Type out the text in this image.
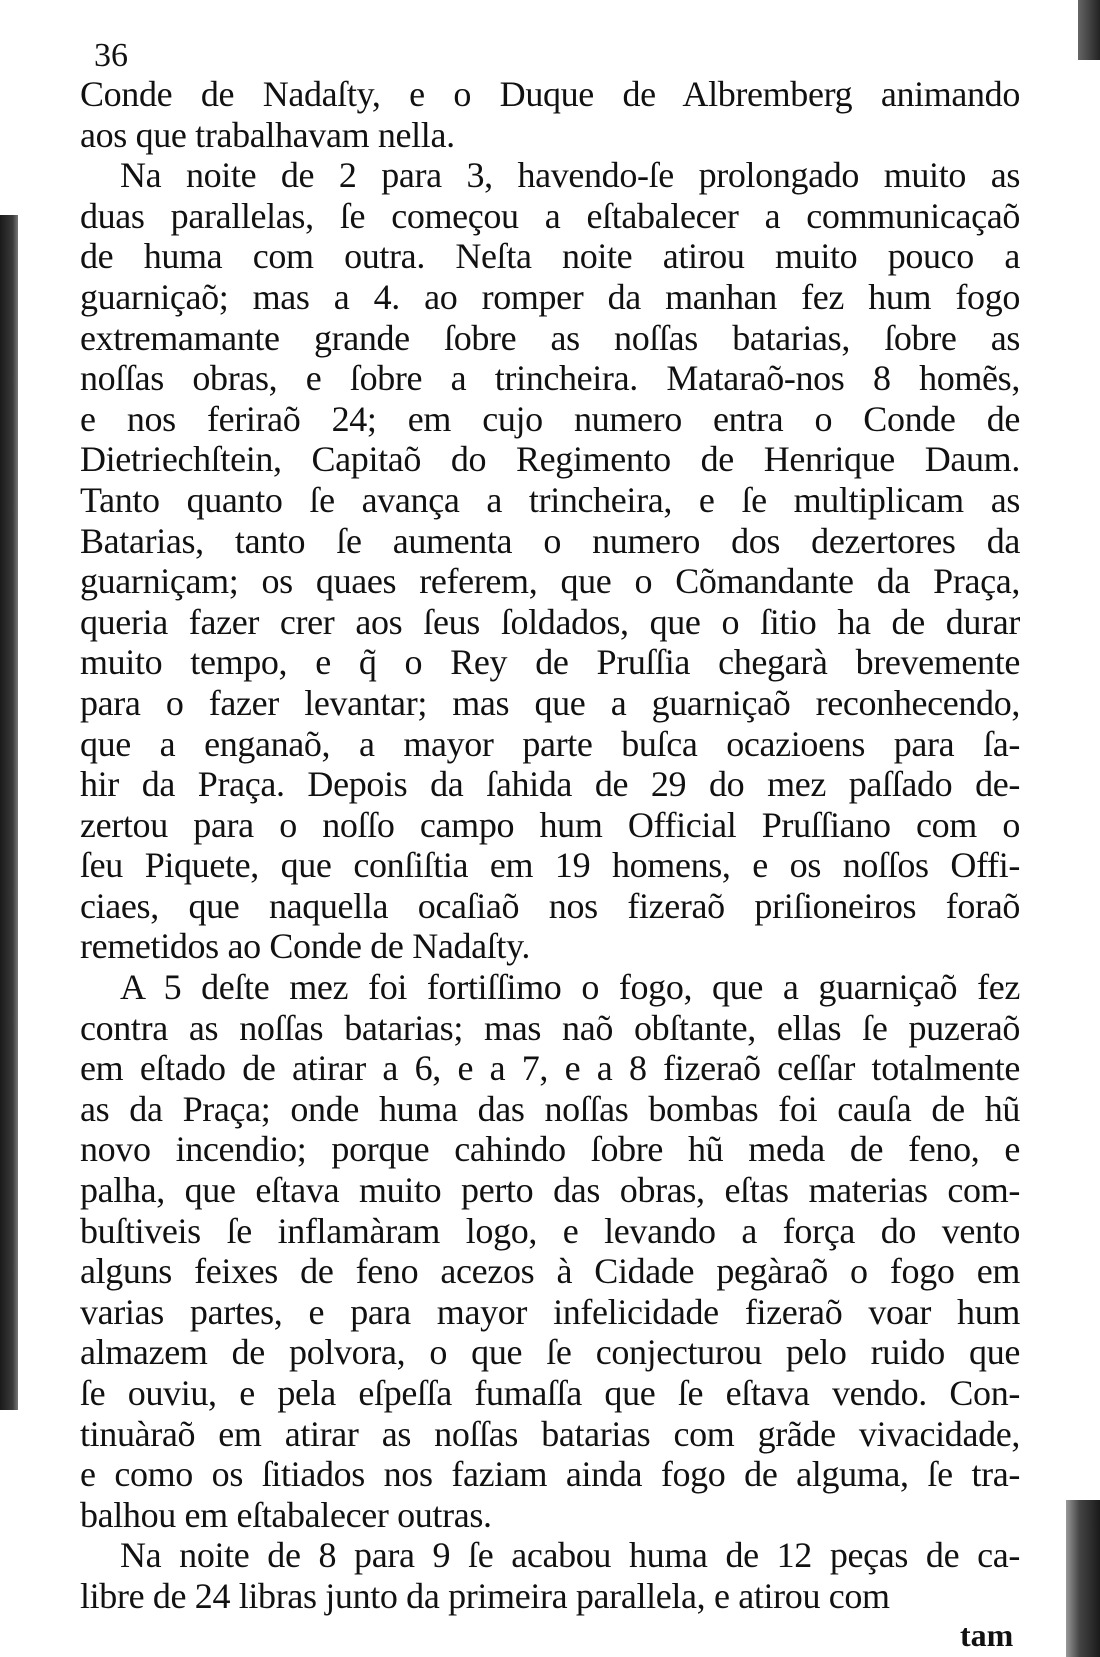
36
Conde de Nadaſty, e o Duque de Albremberg animando
aos que trabalhavam nella.
Na noite de 2 para 3, havendo-ſe prolongado muito as
duas parallelas, ſe começou a eſtabalecer a communicaçaõ
de huma com outra. Neſta noite atirou muito pouco a
guarniçaõ; mas a 4. ao romper da manhan fez hum fogo
extremamante grande ſobre as noſſas batarias, ſobre as
noſſas obras, e ſobre a trincheira. Mataraõ-nos 8 homẽs,
e nos feriraõ 24; em cujo numero entra o Conde de
Dietriechſtein, Capitaõ do Regimento de Henrique Daum.
Tanto quanto ſe avança a trincheira, e ſe multiplicam as
Batarias, tanto ſe aumenta o numero dos dezertores da
guarniçam; os quaes referem, que o Cõmandante da Praça,
queria fazer crer aos ſeus ſoldados, que o ſitio ha de durar
muito tempo, e q̃ o Rey de Pruſſia chegarà brevemente
para o fazer levantar; mas que a guarniçaõ reconhecendo,
que a enganaõ, a mayor parte buſca ocazioens para ſa-
hir da Praça. Depois da ſahida de 29 do mez paſſado de-
zertou para o noſſo campo hum Official Pruſſiano com o
ſeu Piquete, que conſiſtia em 19 homens, e os noſſos Offi-
ciaes, que naquella ocaſiaõ nos fizeraõ priſioneiros foraõ
remetidos ao Conde de Nadaſty.
A 5 deſte mez foi fortiſſimo o fogo, que a guarniçaõ fez
contra as noſſas batarias; mas naõ obſtante, ellas ſe puzeraõ
em eſtado de atirar a 6, e a 7, e a 8 fizeraõ ceſſar totalmente
as da Praça; onde huma das noſſas bombas foi cauſa de hũ
novo incendio; porque cahindo ſobre hũ meda de feno, e
palha, que eſtava muito perto das obras, eſtas materias com-
buſtiveis ſe inflamàram logo, e levando a força do vento
alguns feixes de feno acezos à Cidade pegàraõ o fogo em
varias partes, e para mayor infelicidade fizeraõ voar hum
almazem de polvora, o que ſe conjecturou pelo ruido que
ſe ouviu, e pela eſpeſſa fumaſſa que ſe eſtava vendo. Con-
tinuàraõ em atirar as noſſas batarias com grãde vivacidade,
e como os ſitiados nos faziam ainda fogo de alguma, ſe tra-
balhou em eſtabalecer outras.
Na noite de 8 para 9 ſe acabou huma de 12 peças de ca-
libre de 24 libras junto da primeira parallela, e atirou com
tam
